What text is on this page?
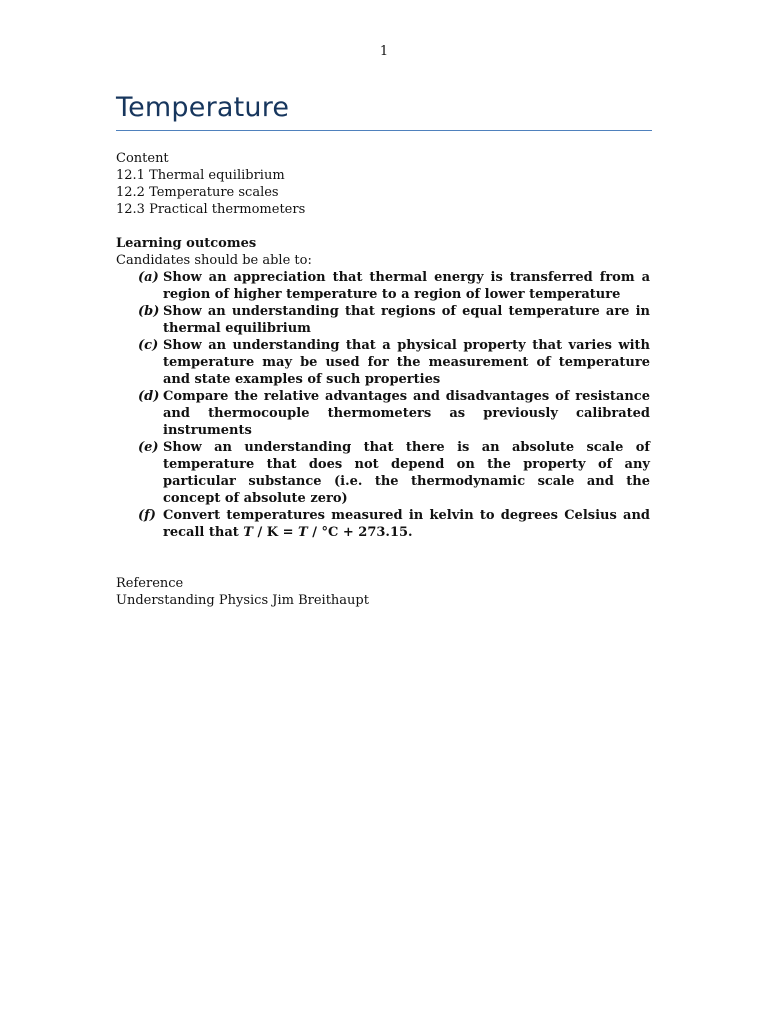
1
Temperature
Content
12.1 Thermal equilibrium
12.2 Temperature scales
12.3 Practical thermometers
Learning outcomes
Candidates should be able to:
(a) Show an appreciation that thermal energy is transferred from a region of higher temperature to a region of lower temperature
(b) Show an understanding that regions of equal temperature are in thermal equilibrium
(c) Show an understanding that a physical property that varies with temperature may be used for the measurement of temperature and state examples of such properties
(d) Compare the relative advantages and disadvantages of resistance and thermocouple thermometers as previously calibrated instruments
(e) Show an understanding that there is an absolute scale of temperature that does not depend on the property of any particular substance (i.e. the thermodynamic scale and the concept of absolute zero)
(f) Convert temperatures measured in kelvin to degrees Celsius and recall that T / K = T / °C + 273.15.
Reference
Understanding Physics Jim Breithaupt
